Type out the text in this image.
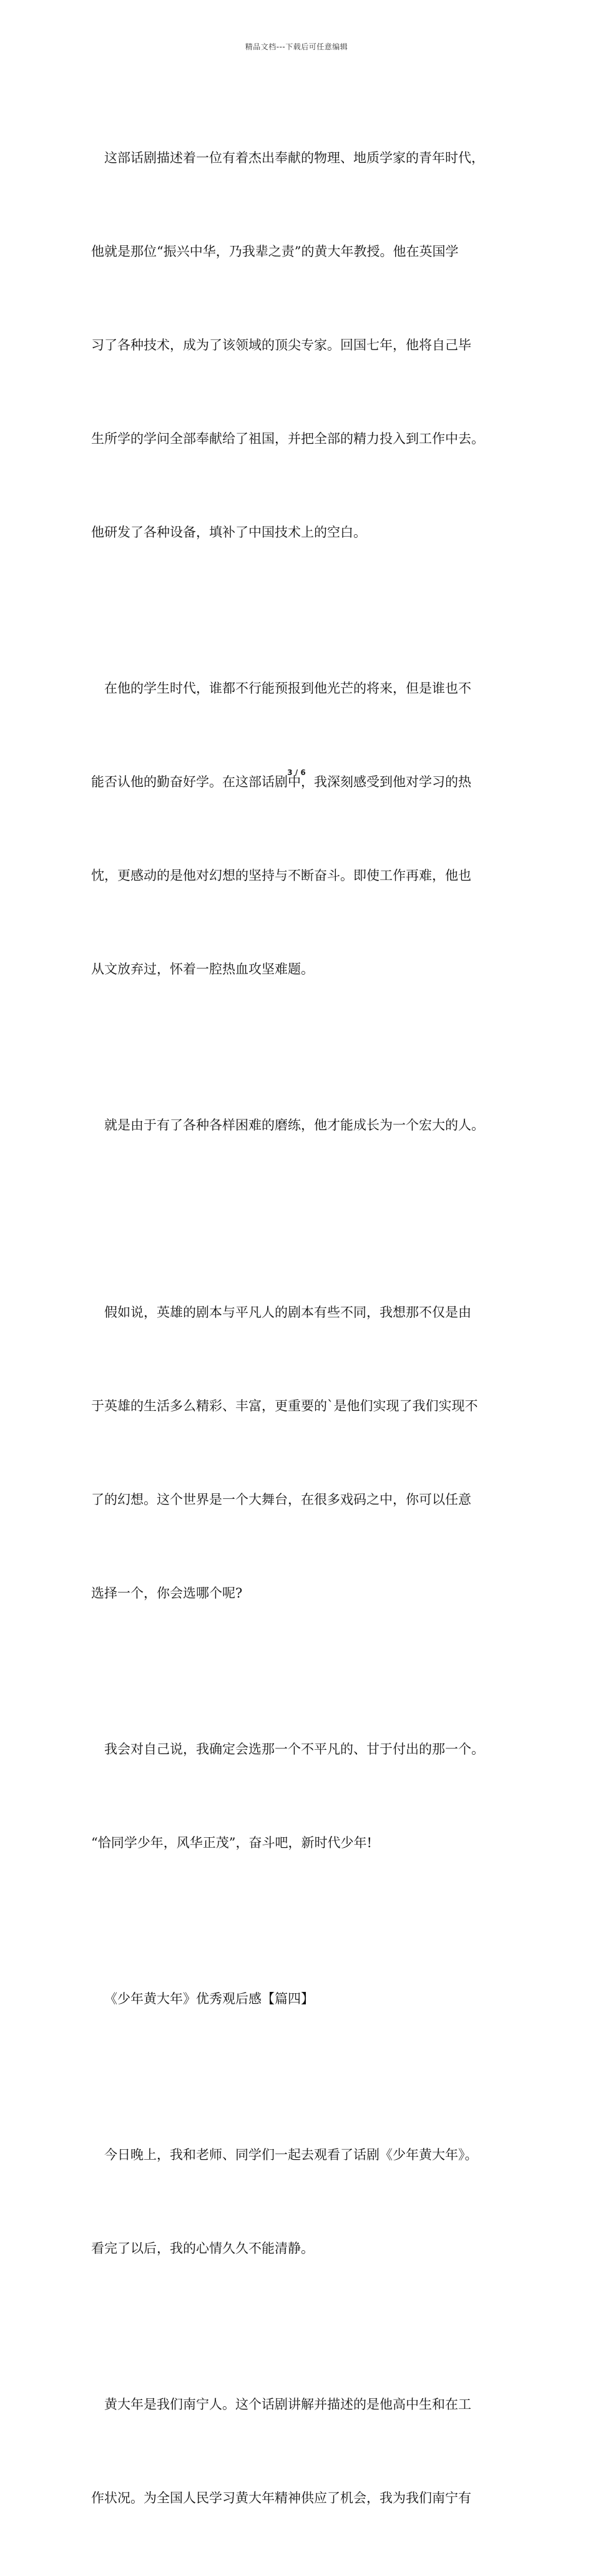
精品文档---下载后可任意编辑

这部话剧描述着一位有着杰出奉献的物理、地质学家的青年时代，

他就是那位“振兴中华，乃我辈之责”的黄大年教授。他在英国学

习了各种技术，成为了该领域的顶尖专家。回国七年，他将自己毕

生所学的学问全部奉献给了祖国，并把全部的精力投入到工作中去。

他研发了各种设备，填补了中国技术上的空白。

在他的学生时代，谁都不行能预报到他光芒的将来，但是谁也不

能否认他的勤奋好学。在这部话剧中，我深刻感受到他对学习的热

忱，更感动的是他对幻想的坚持与不断奋斗。即使工作再难，他也

从文放弃过，怀着一腔热血攻坚难题。

就是由于有了各种各样困难的磨练，他才能成长为一个宏大的人。

假如说，英雄的剧本与平凡人的剧本有些不同，我想那不仅是由

于英雄的生活多么精彩、丰富，更重要的`是他们实现了我们实现不

了的幻想。这个世界是一个大舞台，在很多戏码之中，你可以任意

选择一个，你会选哪个呢?

我会对自己说，我确定会选那一个不平凡的、甘于付出的那一个。

“恰同学少年，风华正茂”，奋斗吧，新时代少年!

《少年黄大年》优秀观后感【篇四】

今日晚上，我和老师、同学们一起去观看了话剧《少年黄大年》。

看完了以后，我的心情久久不能清静。

黄大年是我们南宁人。这个话剧讲解并描述的是他高中生和在工

作状况。为全国人民学习黄大年精神供应了机会，我为我们南宁有

3 / 6
